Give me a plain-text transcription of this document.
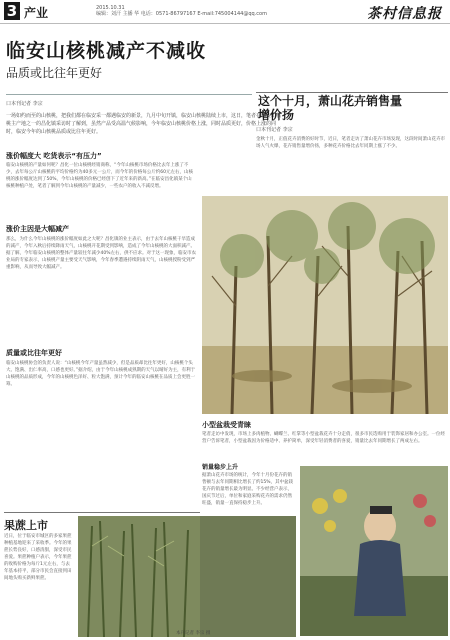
3 产业	2015.10.31
编辑：刘汗 主播 华 电话：0571-86797167 E-mail:745004144@qq.com	茶村信息报
临安山核桃减产不减收
品质或比往年更好
口本刊记者 李宗
一场如约而至的山核桃，把我们都在临安采一都遇临安的新景，九月中旬开镇，临安山核桃陆续上市，这日，笔者在临安山核桃主产地之一的昌化镇采访时了解到，虽然产品受高温气候影响，今年临安山核桃价格上涨，同时品质更好，价格上涨的同时，临安今年的山核桃品质或比往年更好。
涨价幅度大 吃货表示“有压力”
临安山核桃的产量如何呢？昌化一位山核桃经销商称，“今年山核桃市场价格比去年上涨了不少，去年每公斤山核桃的平均价格约为40多元一公斤，而今年的价格每公斤约60元左右，山核桃的涨价幅度达到了50%，今年山核桃的价格已经创下了近年来的新高。”在临安昌化镇某个山核桃种植户处，笔者了解到今年山核桃的产量减少，一些农户的收入不减反增。
涨价主因是大幅减产
那么，为什么今年山核桃的涨价幅度如此之大呢？昌化镇的业主表示，由于去年山核桃干旱造成的减产，今年入秋后持续降雨天气，山核桃开花期受到影响，造成了今年山核桃的大面积减产。据了解，今年临安山核桃的整体产量较往年减少40%左右，供不应求。对于这一现象，临安市农业局的专家表示，山核桃产量主要受天气影响，今年春季遭遇持续阴雨天气，山核桃授粉受到严重影响，从而导致大幅减产。
质量或比往年更好
临安山核桃协会的负责人说：“山核桃今年产量虽然减少，但是品质却比往年更好，山核桃个头大、饱满、出仁率高，口感也更好。”据介绍，由于今年山核桃成熟期的天气以晴好为主，有利于山核桃的品质形成，今年的山核桃色泽好、粒大饱满，预计今年的临安山核桃在品质上会更胜一筹。
这个十月，萧山花卉销售量增价扬
口本刊记者 李宗
金秋十月，正值花卉消费的好时节，近日，笔者走访了萧山花卉市场发现，这段时间萧山花卉市场人气火爆，花卉销售量增价扬，多种花卉价格比去年同期上涨了不少。
小型盆栽受青睐
笔者走访中发现，市场上多肉植物、蝴蝶兰、红掌等小型盆栽花卉十分走俏，很多市民选购用于装饰家居和办公室。一位经营户告诉笔者，小型盆栽因为价格适中、养护简单，深受年轻消费者的喜爱，销量比去年同期增长了两成左右。
销量稳步上升
据萧山花卉市场的统计，今年十月份花卉的销售额与去年同期相比增长了约15%，其中盆栽花卉的销量增长最为明显。不少经营户表示，国庆节过后，单位和家庭采购花卉的需求仍然旺盛，销量一直保持稳步上升。
果蔗上市
近日，位于临安市城区的多家果蔗种植基地迎来了采收季。今年的果蔗长势良好，口感清甜，深受市民喜爱。果蔗种植户表示，今年果蔗的收购价格为每斤1元左右，与去年基本持平，部分市民会直接到田间地头购买新鲜果蔗。
本刊记者 李宗 摄
